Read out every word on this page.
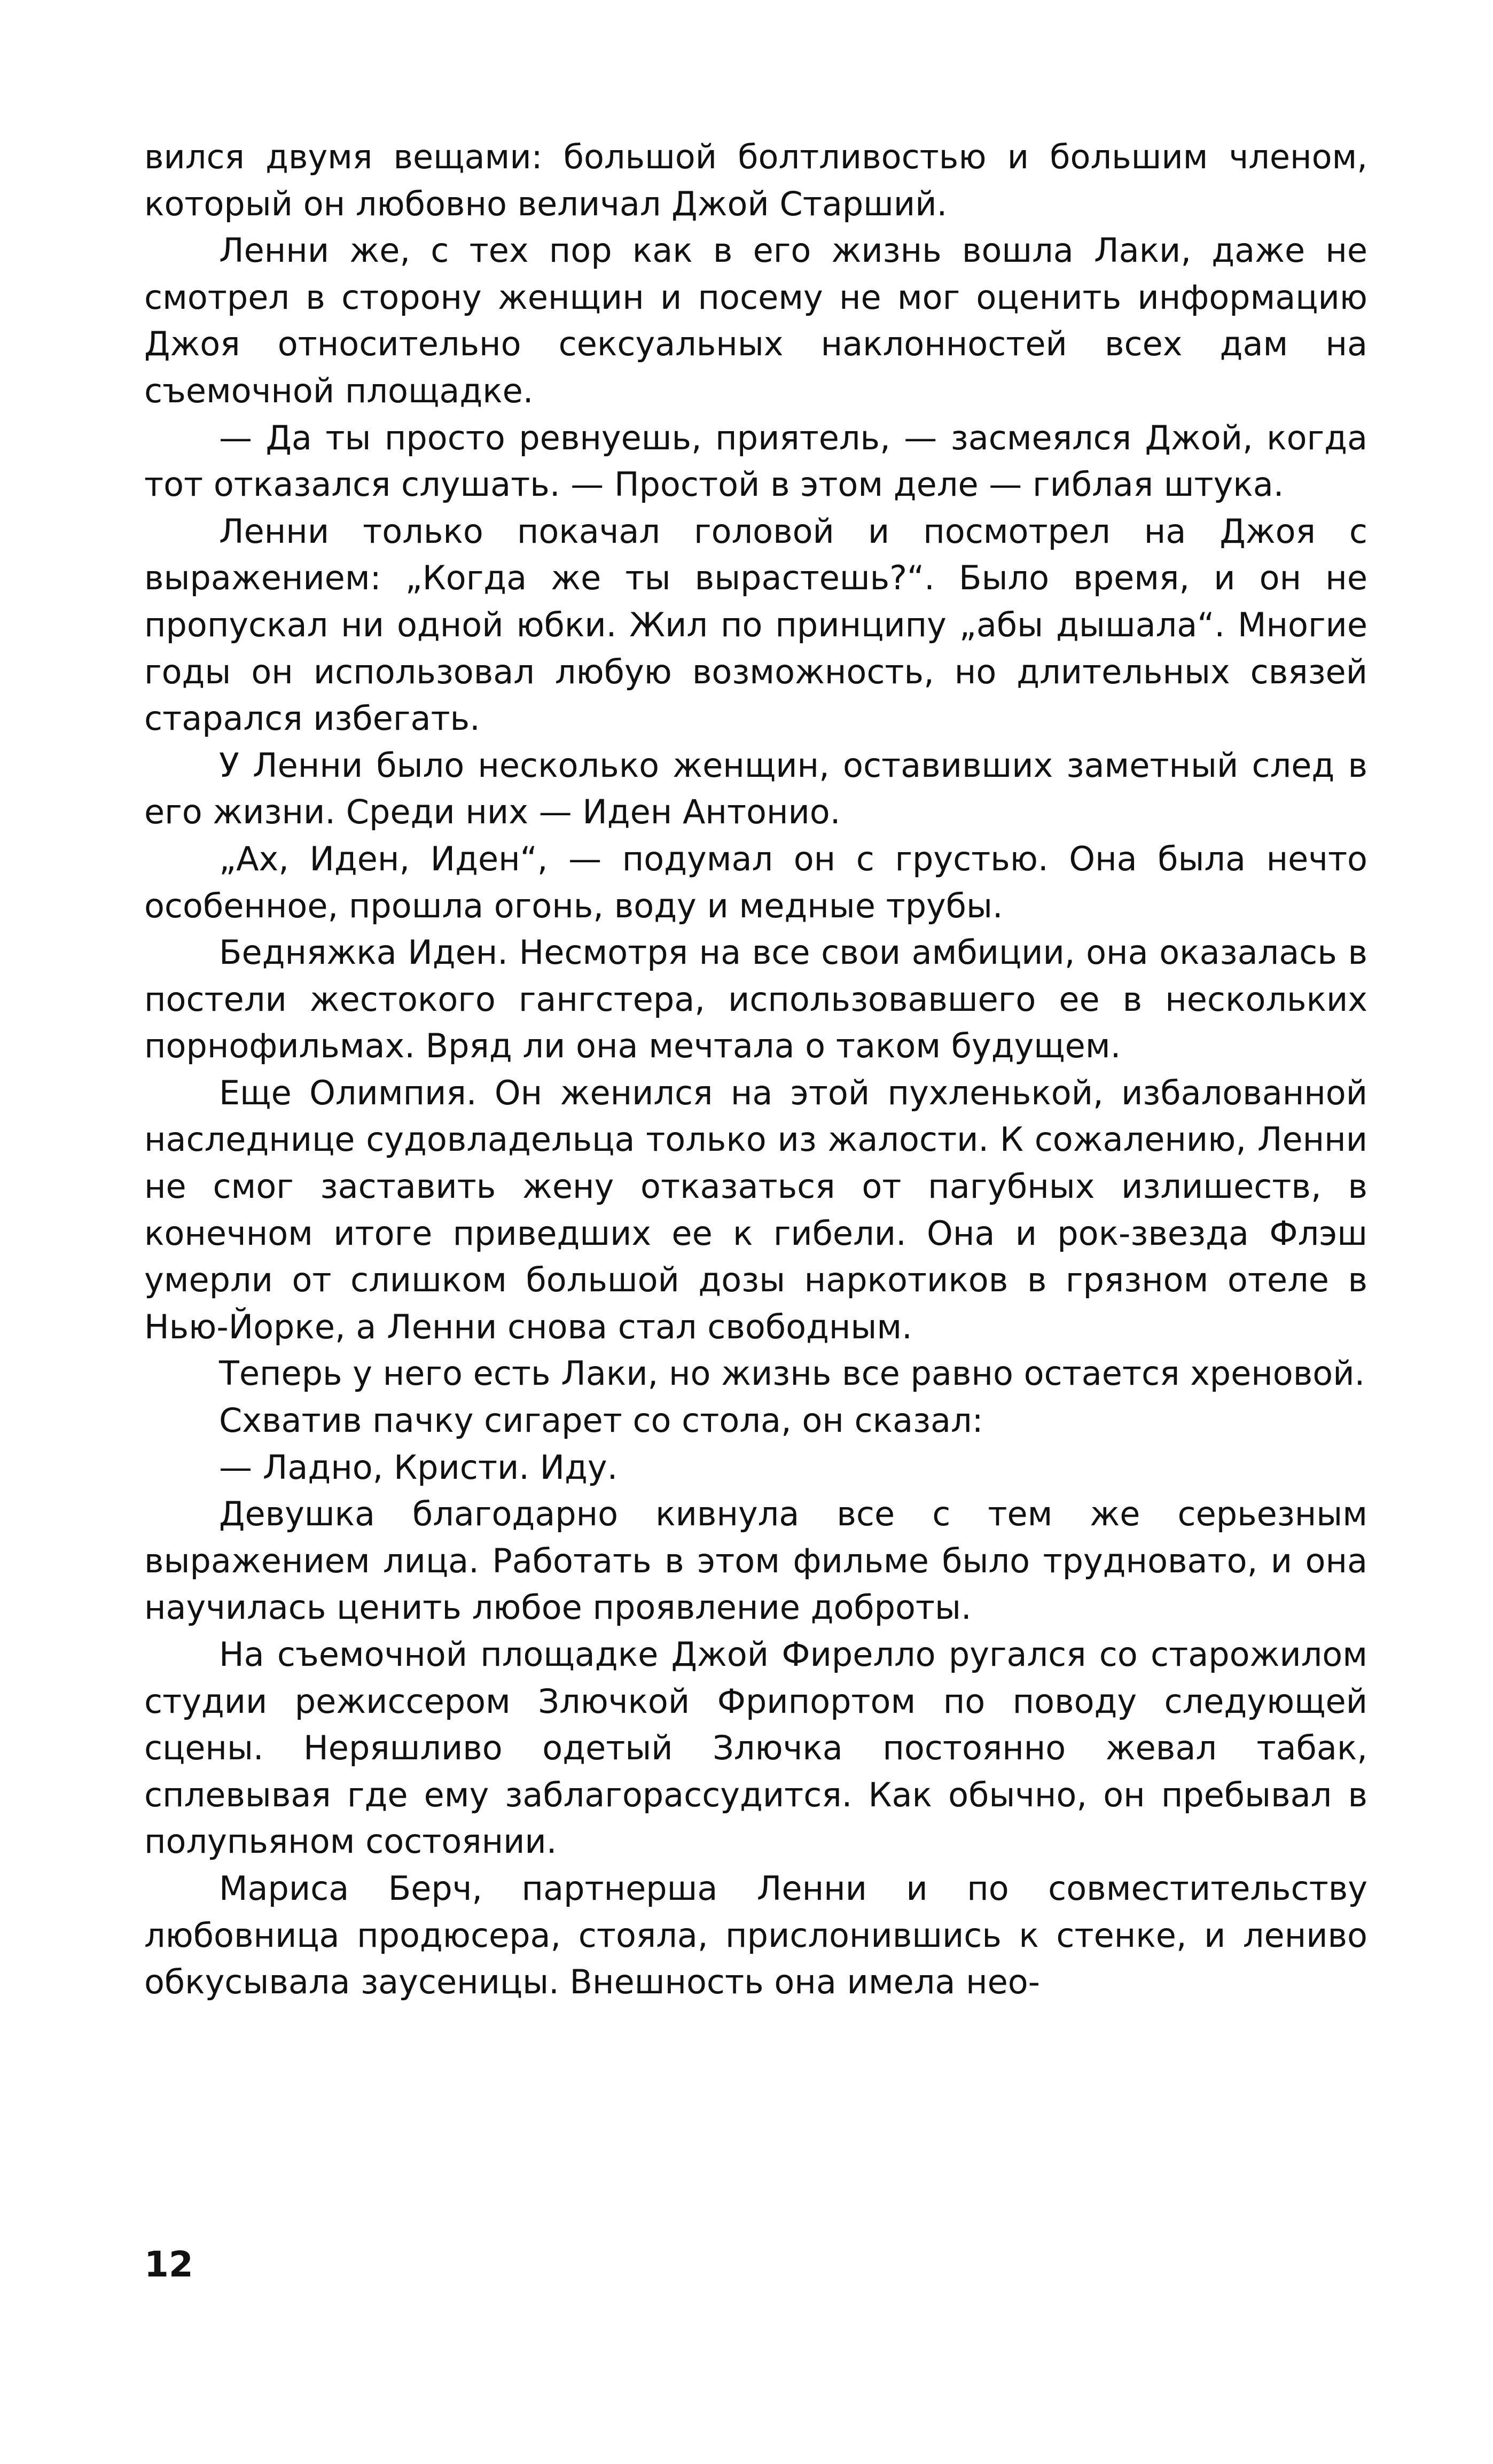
вился двумя вещами: большой болтливостью и большим членом, который он любовно величал Джой Старший.

Ленни же, с тех пор как в его жизнь вошла Лаки, даже не смотрел в сторону женщин и посему не мог оценить информацию Джоя относительно сексуальных наклонностей всех дам на съемочной площадке.

— Да ты просто ревнуешь, приятель, — засмеялся Джой, когда тот отказался слушать. — Простой в этом деле — гиблая штука.

Ленни только покачал головой и посмотрел на Джоя с выражением: „Когда же ты вырастешь?“. Было время, и он не пропускал ни одной юбки. Жил по принципу „абы дышала“. Многие годы он использовал любую возможность, но длительных связей старался избегать.

У Ленни было несколько женщин, оставивших заметный след в его жизни. Среди них — Иден Антонио.

„Ах, Иден, Иден“, — подумал он с грустью. Она была нечто особенное, прошла огонь, воду и медные трубы.

Бедняжка Иден. Несмотря на все свои амбиции, она оказалась в постели жестокого гангстера, использовавшего ее в нескольких порнофильмах. Вряд ли она мечтала о таком будущем.

Еще Олимпия. Он женился на этой пухленькой, избалованной наследнице судовладельца только из жалости. К сожалению, Ленни не смог заставить жену отказаться от пагубных излишеств, в конечном итоге приведших ее к гибели. Она и рок-звезда Флэш умерли от слишком большой дозы наркотиков в грязном отеле в Нью-Йорке, а Ленни снова стал свободным.

Теперь у него есть Лаки, но жизнь все равно остается хреновой.

Схватив пачку сигарет со стола, он сказал:

— Ладно, Кристи. Иду.

Девушка благодарно кивнула все с тем же серьезным выражением лица. Работать в этом фильме было трудновато, и она научилась ценить любое проявление доброты.

На съемочной площадке Джой Фирелло ругался со старожилом студии режиссером Злючкой Фрипортом по поводу следующей сцены. Неряшливо одетый Злючка постоянно жевал табак, сплевывая где ему заблагорассудится. Как обычно, он пребывал в полупьяном состоянии.

Мариса Берч, партнерша Ленни и по совместительству любовница продюсера, стояла, прислонившись к стенке, и лениво обкусывала заусеницы. Внешность она имела нео-

12
